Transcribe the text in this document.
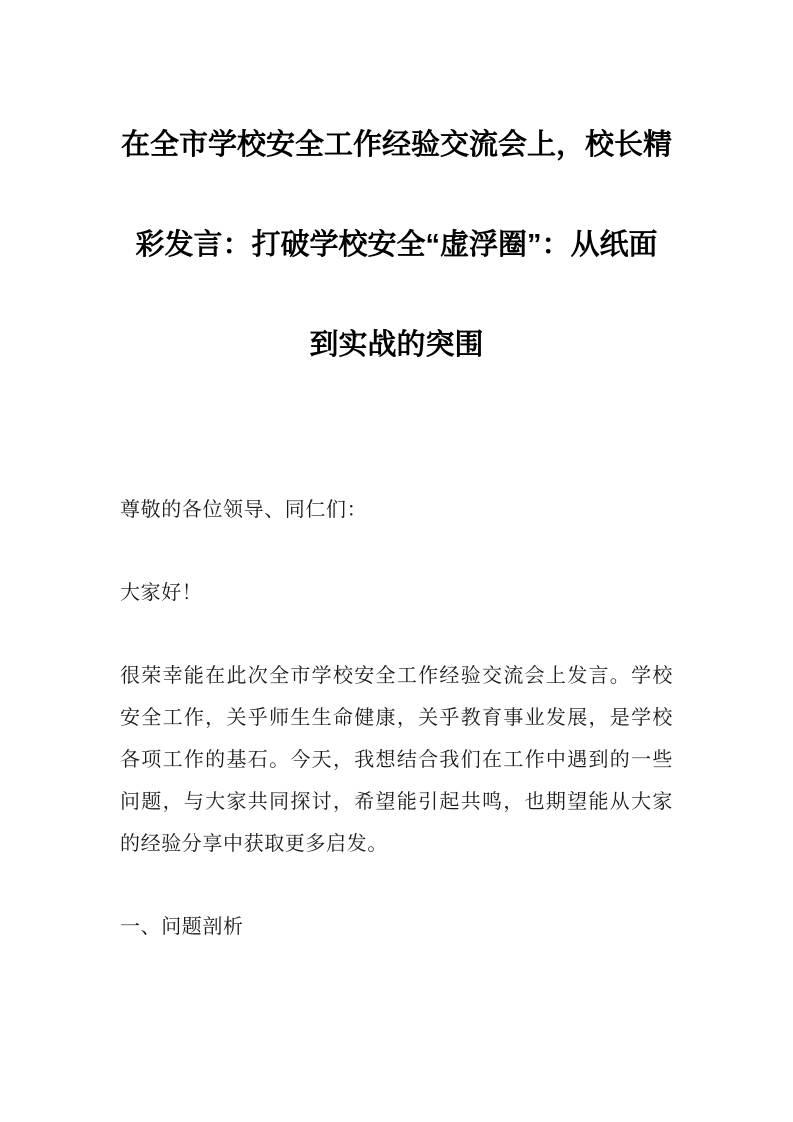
在全市学校安全工作经验交流会上，校长精
彩发言：打破学校安全“虚浮圈”：从纸面
到实战的突围

尊敬的各位领导、同仁们：

大家好！

很荣幸能在此次全市学校安全工作经验交流会上发言。学校安全工作，关乎师生生命健康，关乎教育事业发展，是学校各项工作的基石。今天，我想结合我们在工作中遇到的一些问题，与大家共同探讨，希望能引起共鸣，也期望能从大家的经验分享中获取更多启发。

一、问题剖析
